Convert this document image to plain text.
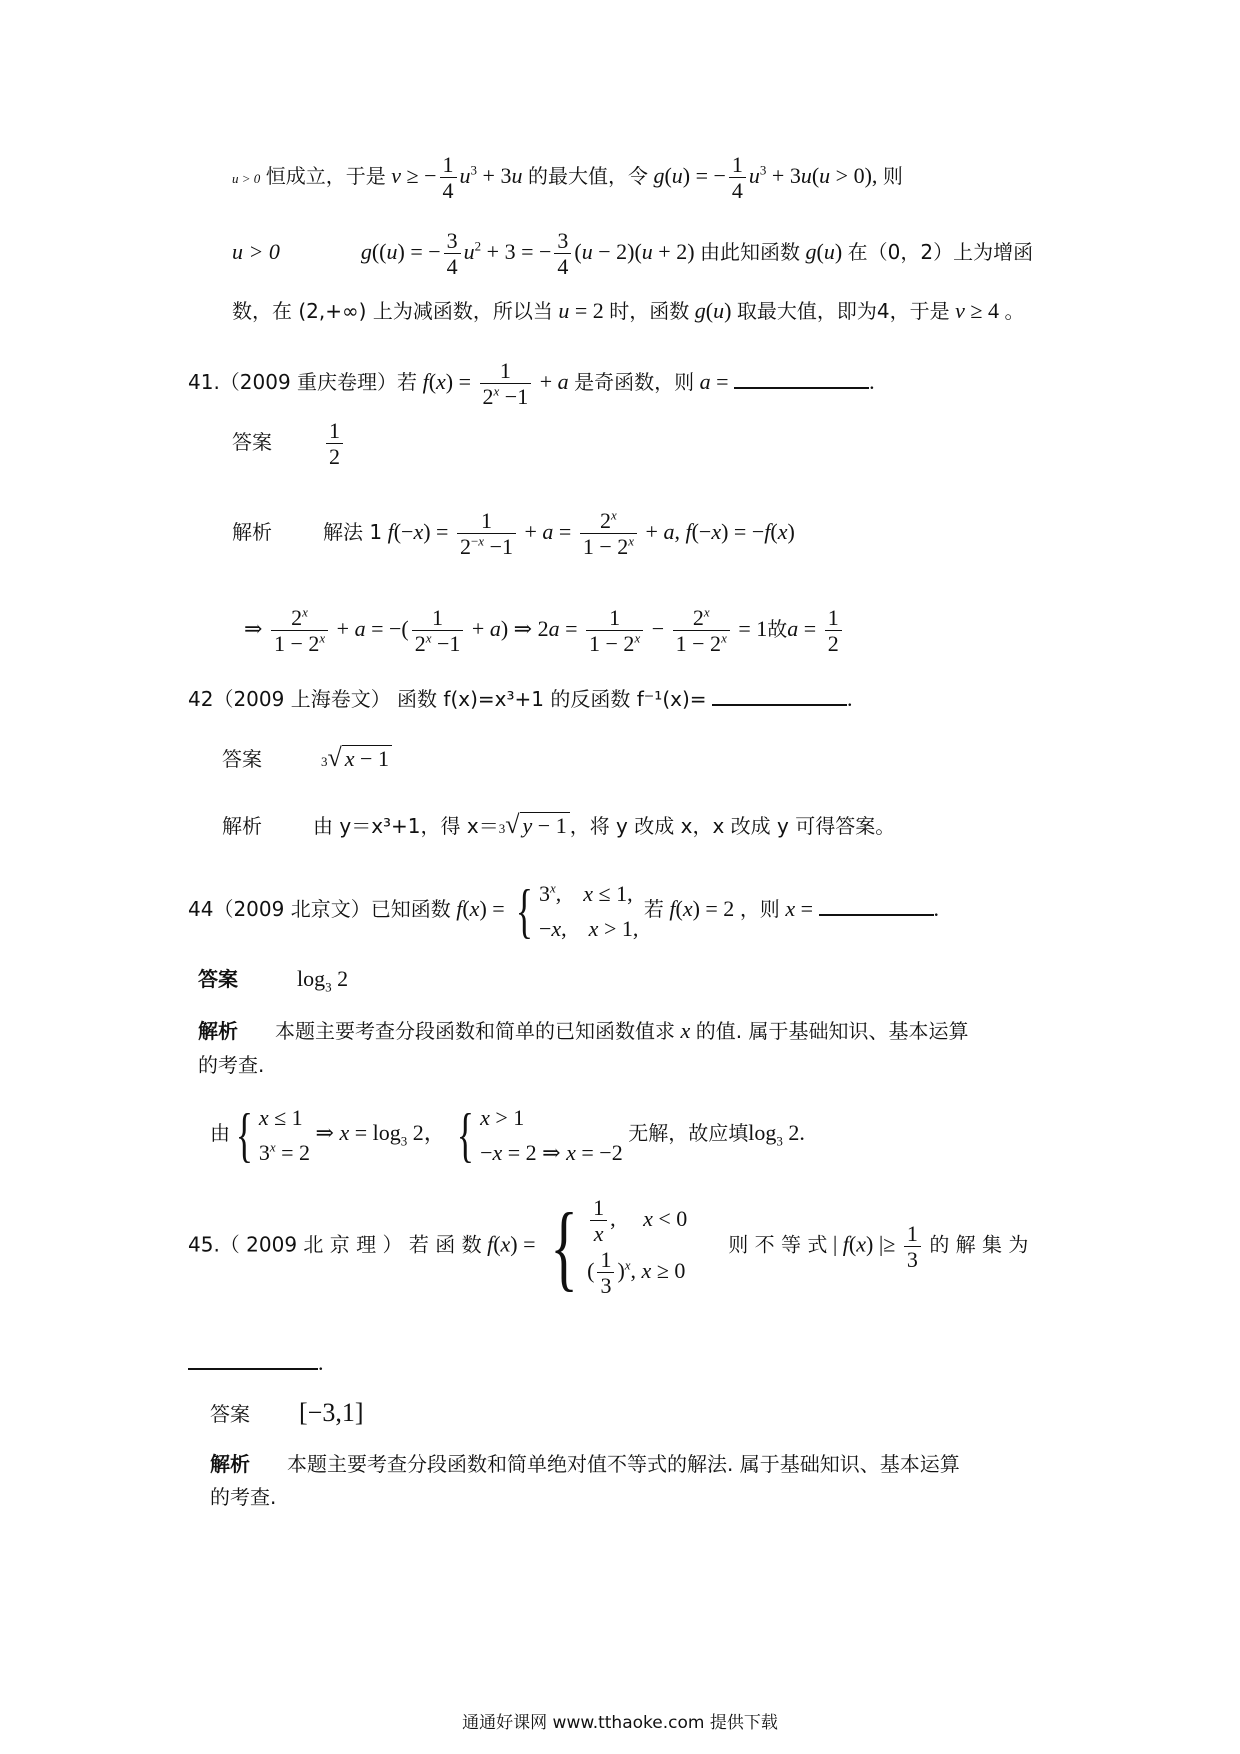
u > 0 恒成立，于是 v ≥ − $\frac{1}{4} u^3 + 3u$ 的最大值，令 g(u) = − $\frac{1}{4} u^3 + 3u(u > 0)$, 则
u > 0	g((u) = − $\frac{3}{4} u^2 + 3$ = − $\frac{3}{4} (u - 2)(u + 2)$ 由此知函数 g(u) 在（0，2）上为增函
数，在 (2,+∞) 上为减函数，所以当 u = 2 时，函数 g(u) 取最大值，即为4，于是 v ≥ 4 。
41.（2009 重庆卷理）若 $f(x) = \frac{1}{2^x -1} + a$ 是奇函数，则 a =	.
答案 $\frac{1}{2}$
解析	解法 1 $f(-x) = \frac{1}{2^{-x} -1} + a = \frac{2^x}{1 - 2^x} + a$, f(−x) = −f(x)
⇒ $\frac{2^x}{1 - 2^x} + a$ = −( $\frac{1}{2^x -1} + a$) ⇒ $2a = \frac{1}{1 - 2^x} - \frac{2^x}{1 - 2^x} = 1$故$a = \frac{1}{2}$
42（2009 上海卷文） 函数 f(x)=x³+1 的反函数 f⁻¹(x)=	.
答案	3√ x − 1
解析	由 y＝x³+1，得 x＝3√ y − 1 ，将 y 改成 x，x 改成 y 可得答案。
44（2009 北京文）已知函数 f(x) = { 3$^x$,    x ≤ 1,
−x,    x > 1,
若 f(x) = 2 ，则 x =	.
答案  $\log_3 2$
解析 本题主要考查分段函数和简单的已知函数值求 x 的值. 属于基础知识、基本运算
的考查.
由{ x ≤ 1
$3^x = 2$
⇒ $x = \log_3 2$， { x > 1
−x = 2 ⇒ x = −2
无解，故应填$\log_3 2$.
45.（ 2009 北 京 理 ） 若 函 数 f(x) = { $\frac{1}{x}$ ,     x < 0
( $\frac{1}{3} )^x$, x ≥ 0
则 不 等 式 | f(x) |≥ $\frac{1}{3}$ 的 解 集 为
.
答案 [−3,1]
解析 本题主要考查分段函数和简单绝对值不等式的解法. 属于基础知识、基本运算
的考查.
通通好课网 www.tthaoke.com 提供下载
